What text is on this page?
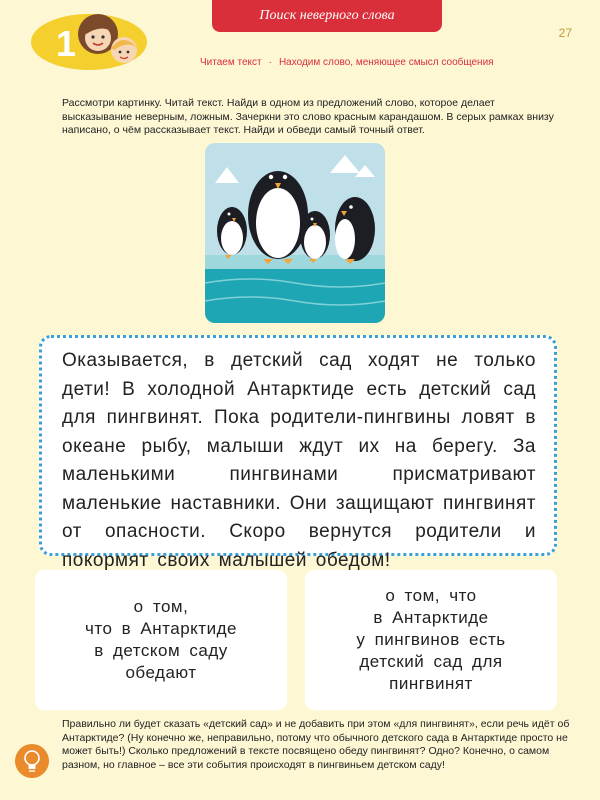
Поиск неверного слова
27
1	Читаем текст · Находим слово, меняющее смысл сообщения
Рассмотри картинку. Читай текст. Найди в одном из предложений слово, которое делает высказывание неверным, ложным. Зачеркни это слово красным карандашом. В серых рамках внизу написано, о чём рассказывает текст. Найди и обведи самый точный ответ.

Оказывается, в детский сад ходят не только дети! В холодной Антарктиде есть детский сад для пингвинят. Пока родители-пингвины ловят в океане рыбу, малыши ждут их на берегу. За маленькими пингвинами присматривают маленькие наставники. Они защищают пингвинят от опасности. Скоро вернутся родители и покормят своих малышей обедом!

о том,
что в Антарктиде
в детском саду
обедают
о том, что
в Антарктиде
у пингвинов есть
детский сад для
пингвинят
Правильно ли будет сказать «детский сад» и не добавить при этом «для пингвинят», если речь идёт об Антарктиде? (Ну конечно же, неправильно, потому что обычного детского сада в Антарктиде просто не может быть!) Сколько предложений в тексте посвящено обеду пингвинят? Одно? Конечно, о самом разном, но главное – все эти события происходят в пингвиньем детском саду!
